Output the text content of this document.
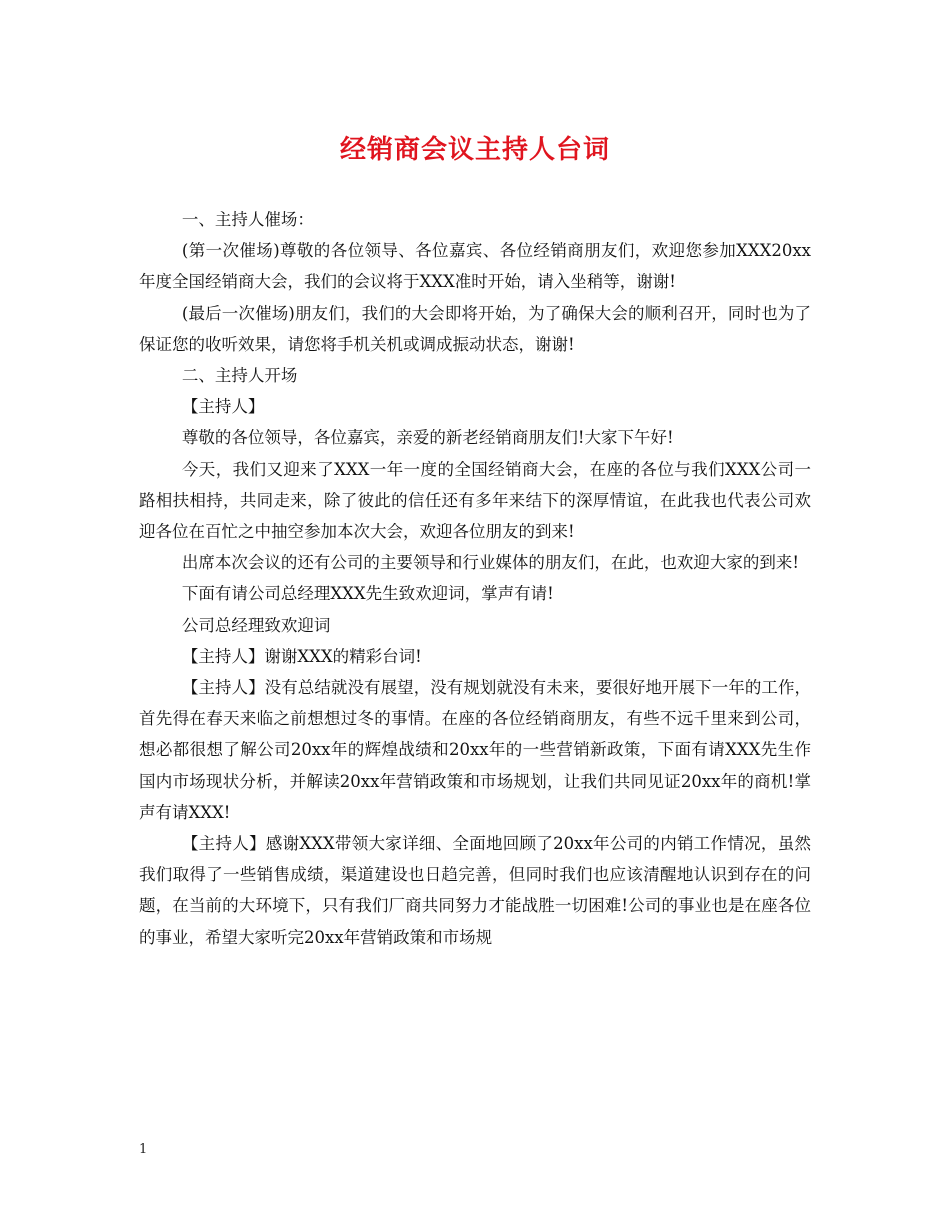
经销商会议主持人台词

一、主持人催场：

(第一次催场)尊敬的各位领导、各位嘉宾、各位经销商朋友们，欢迎您参加XXX20xx年度全国经销商大会，我们的会议将于XXX准时开始，请入坐稍等，谢谢!

(最后一次催场)朋友们，我们的大会即将开始，为了确保大会的顺利召开，同时也为了保证您的收听效果，请您将手机关机或调成振动状态，谢谢!

二、主持人开场

【主持人】

尊敬的各位领导，各位嘉宾，亲爱的新老经销商朋友们!大家下午好!

今天，我们又迎来了XXX一年一度的全国经销商大会，在座的各位与我们XXX公司一路相扶相持，共同走来，除了彼此的信任还有多年来结下的深厚情谊，在此我也代表公司欢迎各位在百忙之中抽空参加本次大会，欢迎各位朋友的到来!

出席本次会议的还有公司的主要领导和行业媒体的朋友们，在此，也欢迎大家的到来!

下面有请公司总经理XXX先生致欢迎词，掌声有请!

公司总经理致欢迎词

【主持人】谢谢XXX的精彩台词!

【主持人】没有总结就没有展望，没有规划就没有未来，要很好地开展下一年的工作，首先得在春天来临之前想想过冬的事情。在座的各位经销商朋友，有些不远千里来到公司，想必都很想了解公司20xx年的辉煌战绩和20xx年的一些营销新政策，下面有请XXX先生作国内市场现状分析，并解读20xx年营销政策和市场规划，让我们共同见证20xx年的商机!掌声有请XXX!

【主持人】感谢XXX带领大家详细、全面地回顾了20xx年公司的内销工作情况，虽然我们取得了一些销售成绩，渠道建设也日趋完善，但同时我们也应该清醒地认识到存在的问题，在当前的大环境下，只有我们厂商共同努力才能战胜一切困难!公司的事业也是在座各位的事业，希望大家听完20xx年营销政策和市场规

1
